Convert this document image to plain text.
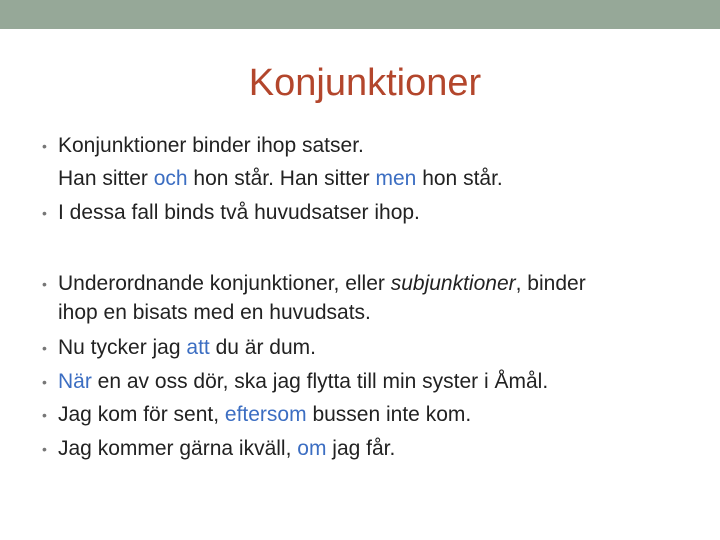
Konjunktioner
• Konjunktioner binder ihop satser.
Han sitter och hon står. Han sitter men hon står.
• I dessa fall binds två huvudsatser ihop.
• Underordnande konjunktioner, eller subjunktioner, binder
ihop en bisats med en huvudsats.
• Nu tycker jag att du är dum.
• När en av oss dör, ska jag flytta till min syster i Åmål.
• Jag kom för sent, eftersom bussen inte kom.
• Jag kommer gärna ikväll, om jag får.
